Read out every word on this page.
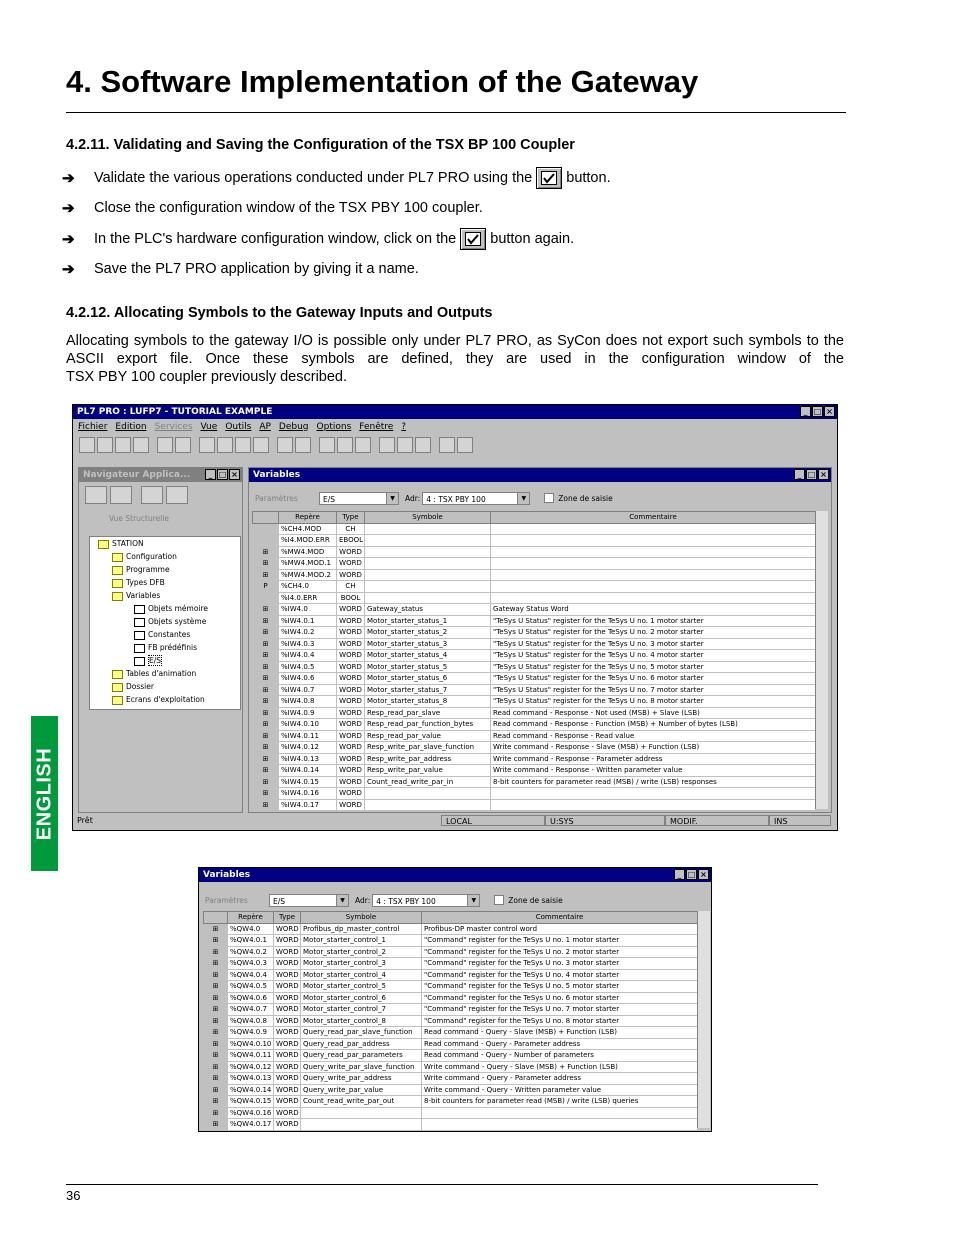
4. Software Implementation of the Gateway
4.2.11. Validating and Saving the Configuration of the TSX BP 100 Coupler
➔	Validate the various operations conducted under PL7 PRO using the button.
➔	Close the configuration window of the TSX PBY 100 coupler.
➔	In the PLC's hardware configuration window, click on the button again.
➔	Save the PL7 PRO application by giving it a name.
4.2.12. Allocating Symbols to the Gateway Inputs and Outputs
Allocating symbols to the gateway I/O is possible only under PL7 PRO, as SyCon does not export such symbols to the ASCII export file. Once these symbols are defined, they are used in the configuration window of the
TSX PBY 100 coupler previously described.
PL7 PRO : LUFP7 - TUTORIAL EXAMPLE	_ □ ×
Fichier Edition Services Vue Outils AP Debug Options Fenêtre ?
Navigateur Applica...	_ □ ×
Vue Structurelle
STATION
Configuration
Programme
Types DFB
Variables
Objets mémoire
Objets système
Constantes
FB prédéfinis
E/S
Tables d'animation
Dossier
Ecrans d'exploitation
Variables	_ □ ×
Paramètres	E/S	▼	Adr: 4 : TSX PBY 100	▼	Zone de saisie
	Repère	Type	Symbole	Commentaire
	%CH4.MOD	CH		
	%I4.MOD.ERR	EBOOL		
⊞	%MW4.MOD	WORD		
⊞	%MW4.MOD.1	WORD		
⊞	%MW4.MOD.2	WORD		
P	%CH4.0	CH		
	%I4.0.ERR	BOOL		
⊞	%IW4.0	WORD	Gateway_status	Gateway Status Word
⊞	%IW4.0.1	WORD	Motor_starter_status_1	"TeSys U Status" register for the TeSys U no. 1 motor starter
⊞	%IW4.0.2	WORD	Motor_starter_status_2	"TeSys U Status" register for the TeSys U no. 2 motor starter
⊞	%IW4.0.3	WORD	Motor_starter_status_3	"TeSys U Status" register for the TeSys U no. 3 motor starter
⊞	%IW4.0.4	WORD	Motor_starter_status_4	"TeSys U Status" register for the TeSys U no. 4 motor starter
⊞	%IW4.0.5	WORD	Motor_starter_status_5	"TeSys U Status" register for the TeSys U no. 5 motor starter
⊞	%IW4.0.6	WORD	Motor_starter_status_6	"TeSys U Status" register for the TeSys U no. 6 motor starter
⊞	%IW4.0.7	WORD	Motor_starter_status_7	"TeSys U Status" register for the TeSys U no. 7 motor starter
⊞	%IW4.0.8	WORD	Motor_starter_status_8	"TeSys U Status" register for the TeSys U no. 8 motor starter
⊞	%IW4.0.9	WORD	Resp_read_par_slave	Read command - Response - Not used (MSB) + Slave (LSB)
⊞	%IW4.0.10	WORD	Resp_read_par_function_bytes	Read command - Response - Function (MSB) + Number of bytes (LSB)
⊞	%IW4.0.11	WORD	Resp_read_par_value	Read command - Response - Read value
⊞	%IW4.0.12	WORD	Resp_write_par_slave_function	Write command - Response - Slave (MSB) + Function (LSB)
⊞	%IW4.0.13	WORD	Resp_write_par_address	Write command - Response - Parameter address
⊞	%IW4.0.14	WORD	Resp_write_par_value	Write command - Response - Written parameter value
⊞	%IW4.0.15	WORD	Count_read_write_par_in	8-bit counters for parameter read (MSB) / write (LSB) responses
⊞	%IW4.0.16	WORD		
⊞	%IW4.0.17	WORD		
Prêt	LOCAL	U:SYS	MODIF.	INS
Variables	_ □ ×
Paramètres	E/S	▼	Adr: 4 : TSX PBY 100	▼	Zone de saisie
	Repère	Type	Symbole	Commentaire
⊞	%QW4.0	WORD	Profibus_dp_master_control	Profibus-DP master control word
⊞	%QW4.0.1	WORD	Motor_starter_control_1	"Command" register for the TeSys U no. 1 motor starter
⊞	%QW4.0.2	WORD	Motor_starter_control_2	"Command" register for the TeSys U no. 2 motor starter
⊞	%QW4.0.3	WORD	Motor_starter_control_3	"Command" register for the TeSys U no. 3 motor starter
⊞	%QW4.0.4	WORD	Motor_starter_control_4	"Command" register for the TeSys U no. 4 motor starter
⊞	%QW4.0.5	WORD	Motor_starter_control_5	"Command" register for the TeSys U no. 5 motor starter
⊞	%QW4.0.6	WORD	Motor_starter_control_6	"Command" register for the TeSys U no. 6 motor starter
⊞	%QW4.0.7	WORD	Motor_starter_control_7	"Command" register for the TeSys U no. 7 motor starter
⊞	%QW4.0.8	WORD	Motor_starter_control_8	"Command" register for the TeSys U no. 8 motor starter
⊞	%QW4.0.9	WORD	Query_read_par_slave_function	Read command - Query - Slave (MSB) + Function (LSB)
⊞	%QW4.0.10	WORD	Query_read_par_address	Read command - Query - Parameter address
⊞	%QW4.0.11	WORD	Query_read_par_parameters	Read command - Query - Number of parameters
⊞	%QW4.0.12	WORD	Query_write_par_slave_function	Write command - Query - Slave (MSB) + Function (LSB)
⊞	%QW4.0.13	WORD	Query_write_par_address	Write command - Query - Parameter address
⊞	%QW4.0.14	WORD	Query_write_par_value	Write command - Query - Written parameter value
⊞	%QW4.0.15	WORD	Count_read_write_par_out	8-bit counters for parameter read (MSB) / write (LSB) queries
⊞	%QW4.0.16	WORD		
⊞	%QW4.0.17	WORD		
ENGLISH
36
